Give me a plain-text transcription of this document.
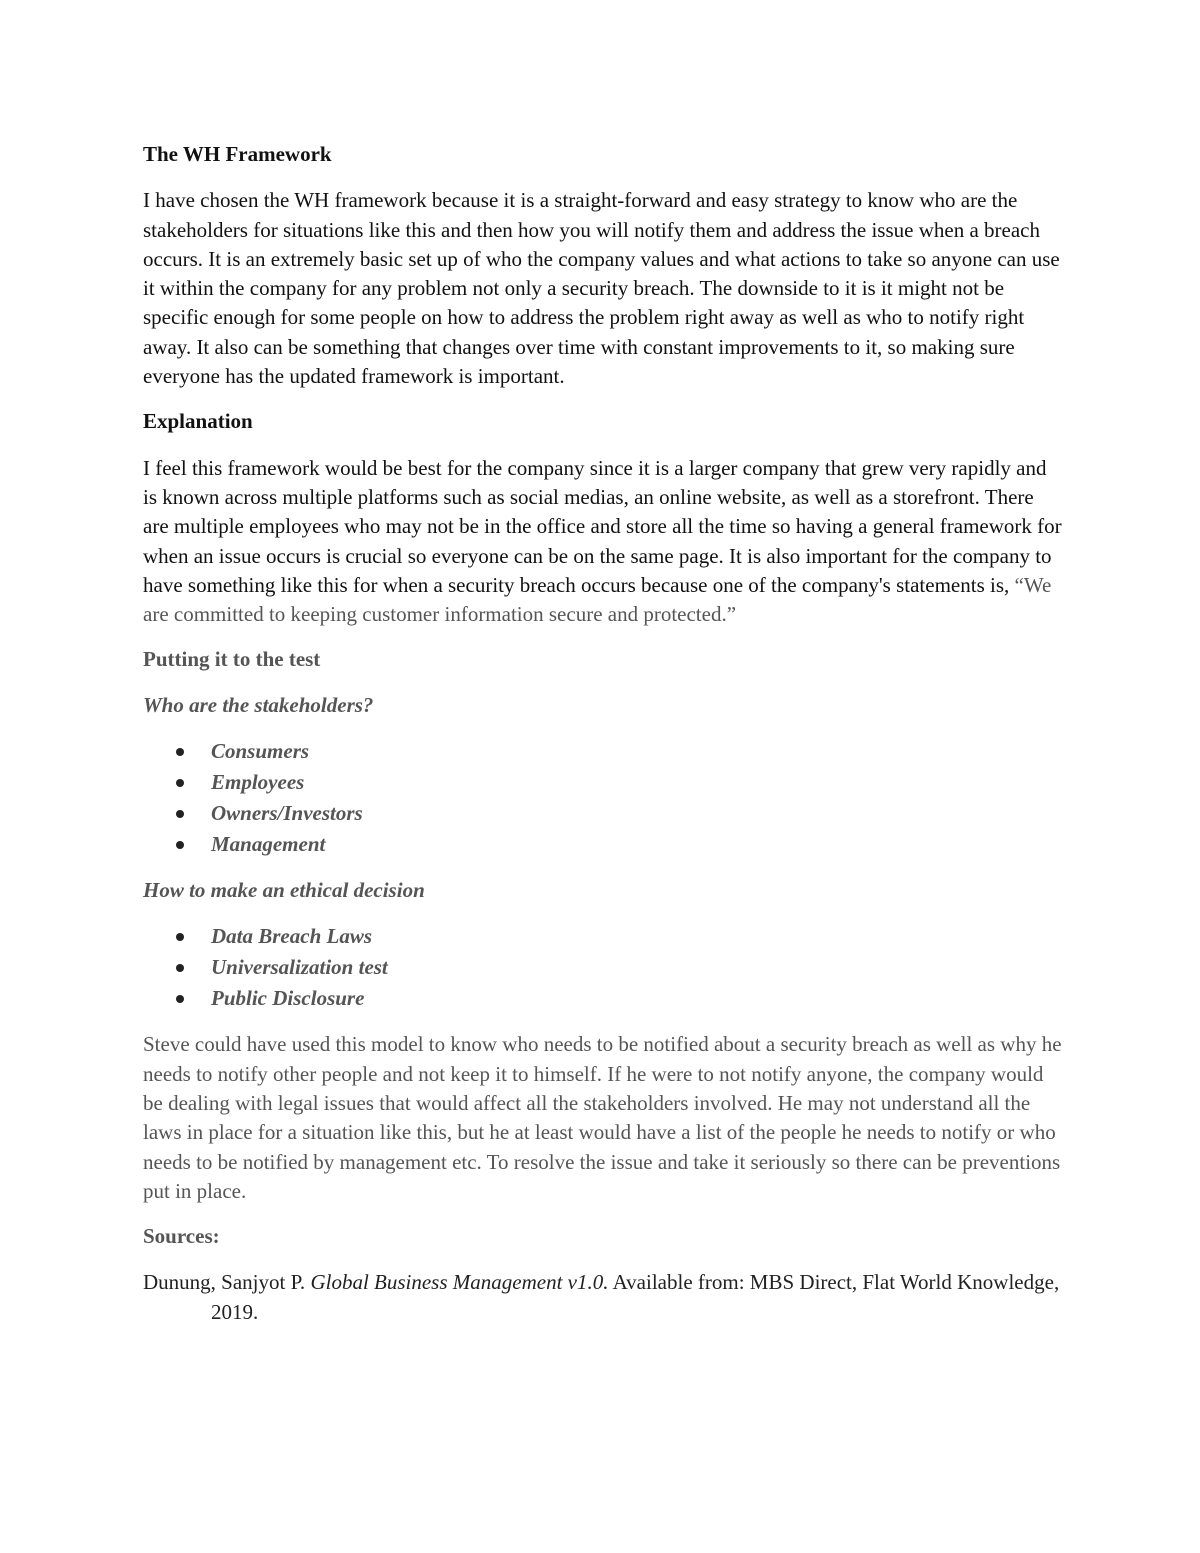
The WH Framework

I have chosen the WH framework because it is a straight-forward and easy strategy to know who are the stakeholders for situations like this and then how you will notify them and address the issue when a breach occurs. It is an extremely basic set up of who the company values and what actions to take so anyone can use it within the company for any problem not only a security breach. The downside to it is it might not be specific enough for some people on how to address the problem right away as well as who to notify right away. It also can be something that changes over time with constant improvements to it, so making sure everyone has the updated framework is important.

Explanation

I feel this framework would be best for the company since it is a larger company that grew very rapidly and is known across multiple platforms such as social medias, an online website, as well as a storefront. There are multiple employees who may not be in the office and store all the time so having a general framework for when an issue occurs is crucial so everyone can be on the same page. It is also important for the company to have something like this for when a security breach occurs because one of the company's statements is, “We are committed to keeping customer information secure and protected.”

Putting it to the test

Who are the stakeholders?

Consumers
Employees
Owners/Investors
Management

How to make an ethical decision

Data Breach Laws
Universalization test
Public Disclosure

Steve could have used this model to know who needs to be notified about a security breach as well as why he needs to notify other people and not keep it to himself. If he were to not notify anyone, the company would be dealing with legal issues that would affect all the stakeholders involved. He may not understand all the laws in place for a situation like this, but he at least would have a list of the people he needs to notify or who needs to be notified by management etc. To resolve the issue and take it seriously so there can be preventions put in place.

Sources:

Dunung, Sanjyot P. Global Business Management v1.0. Available from: MBS Direct, Flat World Knowledge, 2019.
